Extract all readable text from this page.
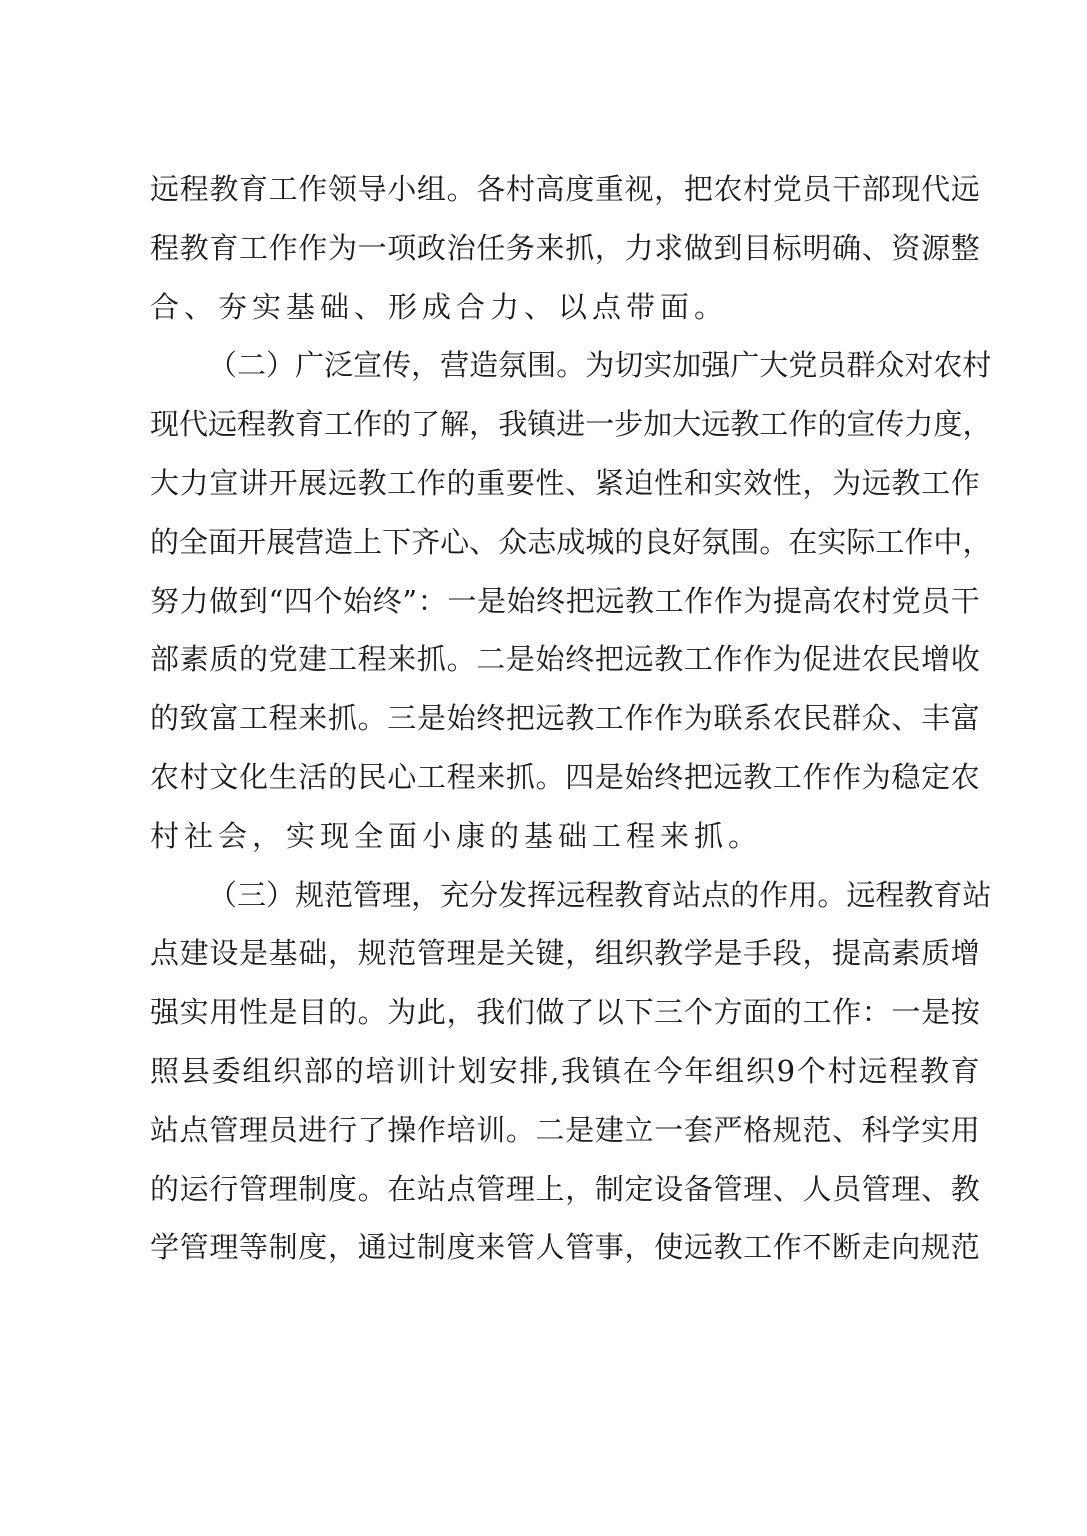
远 程 教 育 工 作 领 导 小 组 。 各 村 高 度 重 视 ， 把 农 村 党 员 干 部 现 代 远
程 教 育 工 作 作 为 一 项 政 治 任 务 来 抓 ， 力 求 做 到 目 标 明 确 、 资 源 整
合、夯实基础、形成合力、以点带面。
（ 二 ） 广 泛 宣 传 ， 营 造 氛 围 。 为 切 实 加 强 广 大 党 员 群 众 对 农 村
现 代 远 程 教 育 工 作 的 了 解 ， 我 镇 进 一 步 加 大 远 教 工 作 的 宣 传 力 度 ，
大 力 宣 讲 开 展 远 教 工 作 的 重 要 性 、 紧 迫 性 和 实 效 性 ， 为 远 教 工 作
的 全 面 开 展 营 造 上 下 齐 心 、 众 志 成 城 的 良 好 氛 围 。 在 实 际 工 作 中 ，
努 力 做 到 “ 四 个 始 终 ” ： 一 是 始 终 把 远 教 工 作 作 为 提 高 农 村 党 员 干
部 素 质 的 党 建 工 程 来 抓 。 二 是 始 终 把 远 教 工 作 作 为 促 进 农 民 增 收
的 致 富 工 程 来 抓 。 三 是 始 终 把 远 教 工 作 作 为 联 系 农 民 群 众 、 丰 富
农 村 文 化 生 活 的 民 心 工 程 来 抓 。 四 是 始 终 把 远 教 工 作 作 为 稳 定 农
村社会，实现全面小康的基础工程来抓。
（ 三 ） 规 范 管 理 ， 充 分 发 挥 远 程 教 育 站 点 的 作 用 。 远 程 教 育 站
点 建 设 是 基 础 ， 规 范 管 理 是 关 键 ， 组 织 教 学 是 手 段 ， 提 高 素 质 增
强 实 用 性 是 目 的 。 为 此 ， 我 们 做 了 以 下 三 个 方 面 的 工 作 ： 一 是 按
照 县 委 组 织 部 的 培 训 计 划 安 排 , 我 镇 在 今 年 组 织 9 个 村 远 程 教 育
站 点 管 理 员 进 行 了 操 作 培 训 。 二 是 建 立 一 套 严 格 规 范 、 科 学 实 用
的 运 行 管 理 制 度 。 在 站 点 管 理 上 ， 制 定 设 备 管 理 、 人 员 管 理 、 教
学 管 理 等 制 度 ， 通 过 制 度 来 管 人 管 事 ， 使 远 教 工 作 不 断 走 向 规 范
